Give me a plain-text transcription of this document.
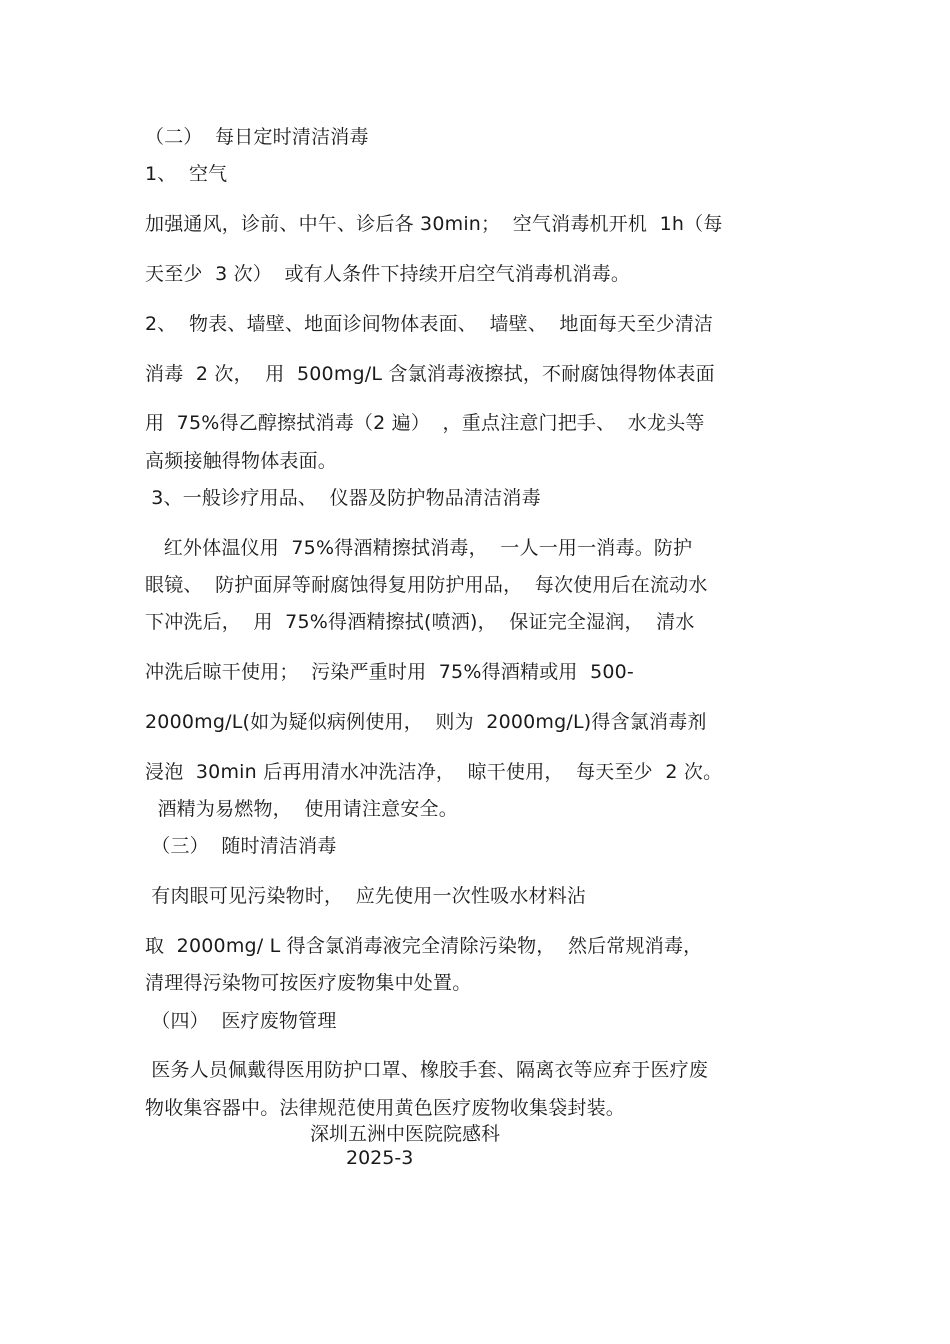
（二）  每日定时清洁消毒
1、  空气
加强通风，诊前、中午、诊后各 30min；  空气消毒机开机  1h（每
天至少  3 次）  或有人条件下持续开启空气消毒机消毒。
2、  物表、墙壁、地面诊间物体表面、  墙壁、  地面每天至少清洁
消毒  2 次，  用  500mg/L 含氯消毒液擦拭，不耐腐蚀得物体表面
用  75%得乙醇擦拭消毒（2 遍）  ，重点注意门把手、  水龙头等
高频接触得物体表面。
3、一般诊疗用品、  仪器及防护物品清洁消毒
红外体温仪用  75%得酒精擦拭消毒，  一人一用一消毒。防护
眼镜、  防护面屏等耐腐蚀得复用防护用品，  每次使用后在流动水
下冲洗后，  用  75%得酒精擦拭(喷洒)，  保证完全湿润，  清水
冲洗后晾干使用；  污染严重时用  75%得酒精或用  500-
2000mg/L(如为疑似病例使用，  则为  2000mg/L)得含氯消毒剂
浸泡  30min 后再用清水冲洗洁净，  晾干使用，  每天至少  2 次。
酒精为易燃物，  使用请注意安全。
（三）  随时清洁消毒
有肉眼可见污染物时，  应先使用一次性吸水材料沾
取  2000mg/ L 得含氯消毒液完全清除污染物，  然后常规消毒，
清理得污染物可按医疗废物集中处置。
（四）  医疗废物管理
医务人员佩戴得医用防护口罩、橡胶手套、隔离衣等应弃于医疗废
物收集容器中。法律规范使用黄色医疗废物收集袋封装。
深圳五洲中医院院感科
2025-3
